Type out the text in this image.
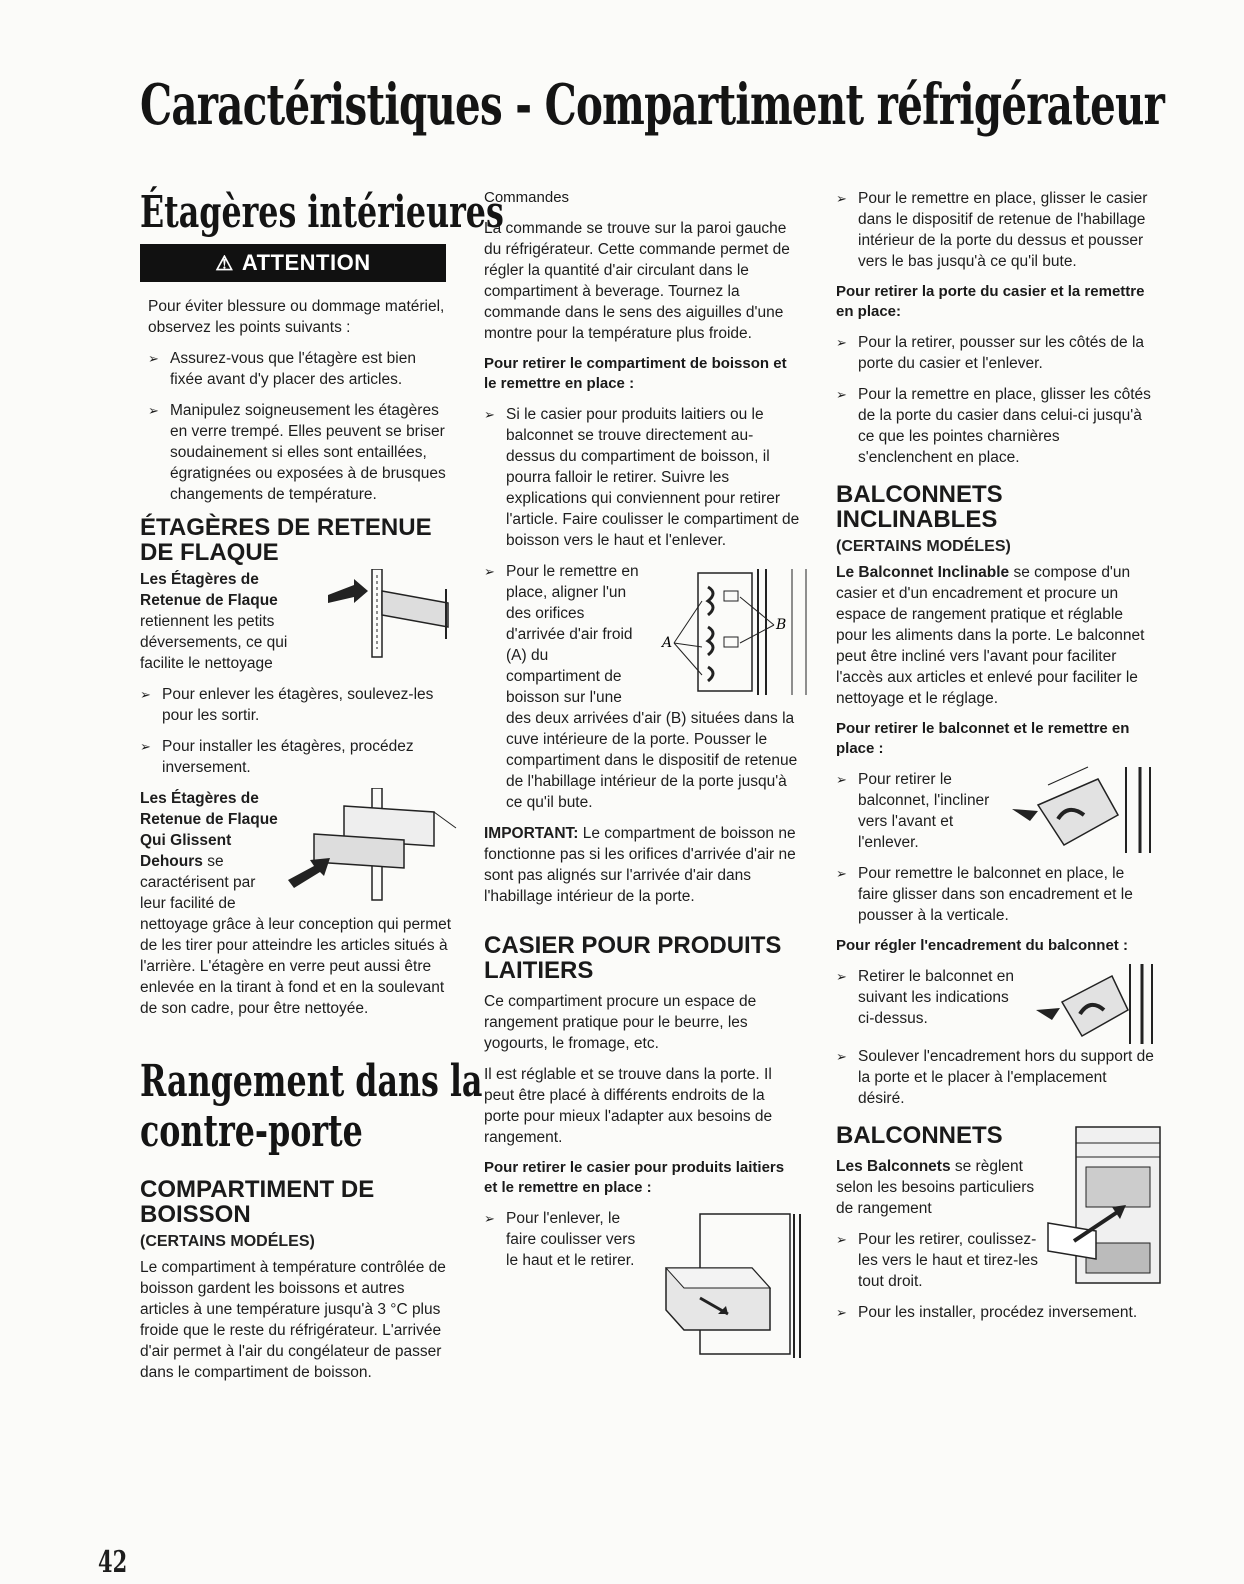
Caractéristiques - Compartiment réfrigérateur
Étagères intérieures
⚠ ATTENTION

Pour éviter blessure ou dommage matériel, observez les points suivants :

➢ Assurez-vous que l'étagère est bien fixée avant d'y placer des articles.
➢ Manipulez soigneusement les étagères en verre trempé. Elles peuvent se briser soudainement si elles sont entaillées, égratignées ou exposées à de brusques changements de température.
ÉTAGÈRES DE RETENUE DE FLAQUE

Les Étagères de Retenue de Flaque retiennent les petits déversements, ce qui facilite le nettoyage

➢ Pour enlever les étagères, soulevez-les pour les sortir.
➢ Pour installer les étagères, procédez inversement.

Les Étagères de Retenue de Flaque Qui Glissent Dehours se caractérisent par leur facilité de nettoyage grâce à leur conception qui permet de les tirer pour atteindre les articles situés à l'arrière. L'étagère en verre peut aussi être enlevée en la tirant à fond et en la soulevant de son cadre, pour être nettoyée.

Rangement dans la
contre-porte
COMPARTIMENT DE BOISSON
(CERTAINS MODÉLES)

Le compartiment à température contrôlée de boisson gardent les boissons et autres articles à une température jusqu'à 3 °C plus froide que le reste du réfrigérateur. L'arrivée d'air permet à l'air du congélateur de passer dans le compartiment de boisson.

Commandes

La commande se trouve sur la paroi gauche du réfrigérateur. Cette commande permet de régler la quantité d'air circulant dans le compartiment à beverage. Tournez la commande dans le sens des aiguilles d'une montre pour la température plus froide.

Pour retirer le compartiment de boisson et le remettre en place :
➢ Si le casier pour produits laitiers ou le balconnet se trouve directement au-dessus du compartiment de boisson, il pourra falloir le retirer. Suivre les explications qui conviennent pour retirer l'article. Faire coulisser le compartiment de boisson vers le haut et l'enlever.
➢
A
B
Pour le remettre en place, aligner l'un des orifices d'arrivée d'air froid (A) du compartiment de boisson sur l'une des deux arrivées d'air (B) situées dans la cuve intérieure de la porte. Pousser le compartiment dans le dispositif de retenue de l'habillage intérieur de la porte jusqu'à ce qu'il bute.

IMPORTANT: Le compartment de boisson ne fonctionne pas si les orifices d'arrivée d'air ne sont pas alignés sur l'arrivée d'air dans l'habillage intérieur de la porte.

CASIER POUR PRODUITS LAITIERS

Ce compartiment procure un espace de rangement pratique pour le beurre, les yogourts, le fromage, etc.

Il est réglable et se trouve dans la porte. Il peut être placé à différents endroits de la porte pour mieux l'adapter aux besoins de rangement.

Pour retirer le casier pour produits laitiers et le remettre en place :
➢ Pour l'enlever, le faire coulisser vers le haut et le retirer.
➢ Pour le remettre en place, glisser le casier dans le dispositif de retenue de l'habillage intérieur de la porte du dessus et pousser vers le bas jusqu'à ce qu'il bute.
Pour retirer la porte du casier et la remettre en place:
➢ Pour la retirer, pousser sur les côtés de la porte du casier et l'enlever.
➢ Pour la remettre en place, glisser les côtés de la porte du casier dans celui-ci jusqu'à ce que les pointes charnières s'enclenchent en place.
BALCONNETS INCLINABLES
(CERTAINS MODÉLES)

Le Balconnet Inclinable se compose d'un casier et d'un encadrement et procure un espace de rangement pratique et réglable pour les aliments dans la porte. Le balconnet peut être incliné vers l'avant pour faciliter l'accès aux articles et enlevé pour faciliter le nettoyage et le réglage.

Pour retirer le balconnet et le remettre en place :
➢ Pour retirer le balconnet, l'incliner vers l'avant et l'enlever.
➢ Pour remettre le balconnet en place, le faire glisser dans son encadrement et le pousser à la verticale.
Pour régler l'encadrement du balconnet :
➢ Retirer le balconnet en suivant les indications ci-dessus.
➢ Soulever l'encadrement hors du support de la porte et le placer à l'emplacement désiré.
BALCONNETS

Les Balconnets se règlent selon les besoins particuliers de rangement

➢ Pour les retirer, coulissez-les vers le haut et tirez-les tout droit.
➢ Pour les installer, procédez inversement.
42
